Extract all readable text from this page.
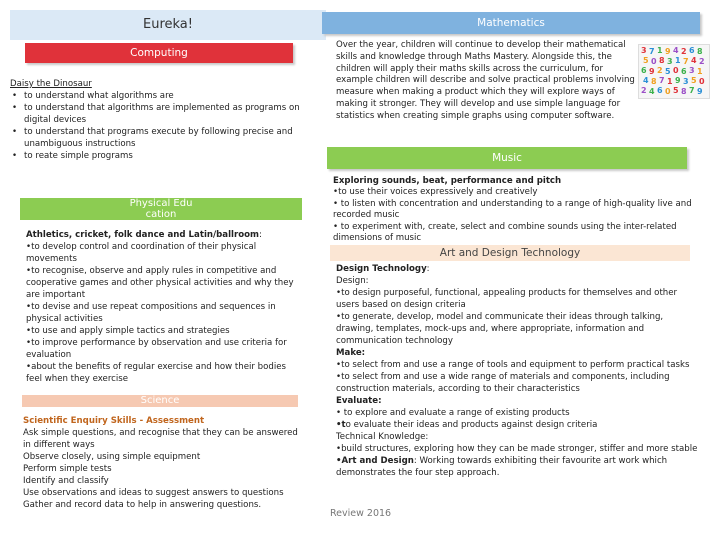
Eureka!
Computing

Daisy the Dinosaur

• to understand what algorithms are
• to understand that algorithms are implemented as programs on digital devices
• to understand that programs execute by following precise and unambiguous instructions
• to reate simple programs
Physical Edu
cation

Athletics, cricket, folk dance and Latin/ballroom:

•to develop control and coordination of their physical movements

•to recognise, observe and apply rules in competitive and cooperative games and other physical activities and why they are important

•to devise and use repeat compositions and sequences in physical activities

•to use and apply simple tactics and strategies

•to improve performance by observation and use criteria for evaluation

•about the benefits of regular exercise and how their bodies feel when they exercise

Science

Scientific Enquiry Skills - Assessment

Ask simple questions, and recognise that they can be answered in different ways

Observe closely, using simple equipment

Perform simple tests

Identify and classify

Use observations and ideas to suggest answers to questions

Gather and record data to help in answering questions.

Mathematics

Over the year, children will continue to develop their mathematical skills and knowledge through Maths Mastery. Alongside this, the children will apply their maths skills across the curriculum, for example children will describe and solve practical problems involving measure when making a product which they will explore ways of making it stronger. They will develop and use simple language for statistics when creating simple graphs using computer software.

3 7 1 9 4 2 6 8
5 0 8 3 1 7 4 2
6 9 2 5 0 6 3 1
4 8 7 1 9 3 5 0
2 4 6 0 5 8 7 9
Music

Exploring sounds, beat, performance and pitch

•to use their voices expressively and creatively

• to listen with concentration and understanding to a range of high-quality live and recorded music

• to experiment with, create, select and combine sounds using the inter-related dimensions of music

Art and Design Technology

Design Technology:

Design:

•to design purposeful, functional, appealing products for themselves and other users based on design criteria

•to generate, develop, model and communicate their ideas through talking, drawing, templates, mock-ups and, where appropriate, information and communication technology

Make:

•to select from and use a range of tools and equipment to perform practical tasks

•to select from and use a wide range of materials and components, including construction materials, according to their characteristics

Evaluate:

• to explore and evaluate a range of existing products

•to evaluate their ideas and products against design criteria

Technical Knowledge:

•build structures, exploring how they can be made stronger, stiffer and more stable

•Art and Design: Working towards exhibiting their favourite art work which demonstrates the four step approach.

Review 2016
